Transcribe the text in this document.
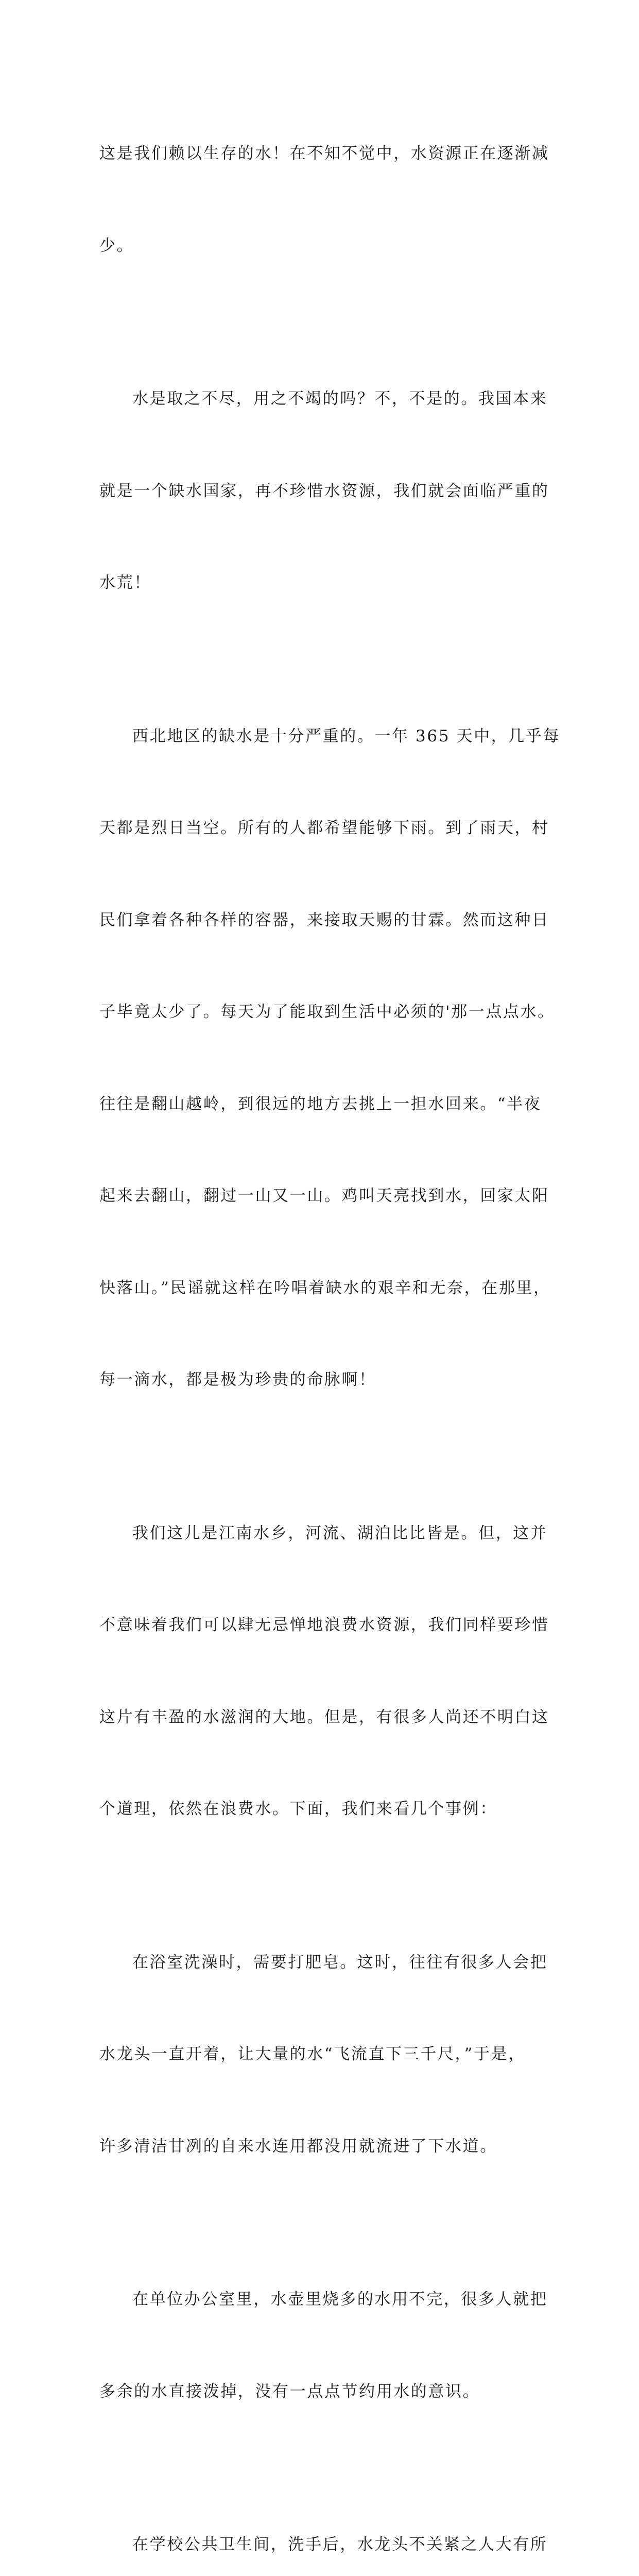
这是我们赖以生存的水！在不知不觉中，水资源正在逐渐减

少。

水是取之不尽，用之不竭的吗？不，不是的。我国本来

就是一个缺水国家，再不珍惜水资源，我们就会面临严重的

水荒！

西北地区的缺水是十分严重的。一年 365 天中，几乎每

天都是烈日当空。所有的人都希望能够下雨。到了雨天，村

民们拿着各种各样的容器，来接取天赐的甘霖。然而这种日

子毕竟太少了。每天为了能取到生活中必须的'那一点点水。

往往是翻山越岭，到很远的地方去挑上一担水回来。“半夜

起来去翻山，翻过一山又一山。鸡叫天亮找到水，回家太阳

快落山。”民谣就这样在吟唱着缺水的艰辛和无奈，在那里，

每一滴水，都是极为珍贵的命脉啊！

我们这儿是江南水乡，河流、湖泊比比皆是。但，这并

不意味着我们可以肆无忌惮地浪费水资源，我们同样要珍惜

这片有丰盈的水滋润的大地。但是，有很多人尚还不明白这

个道理，依然在浪费水。下面，我们来看几个事例：

在浴室洗澡时，需要打肥皂。这时，往往有很多人会把

水龙头一直开着，让大量的水“飞流直下三千尺，”于是，

许多清洁甘冽的自来水连用都没用就流进了下水道。

在单位办公室里，水壶里烧多的水用不完，很多人就把

多余的水直接泼掉，没有一点点节约用水的意识。

在学校公共卫生间，洗手后，水龙头不关紧之人大有所
